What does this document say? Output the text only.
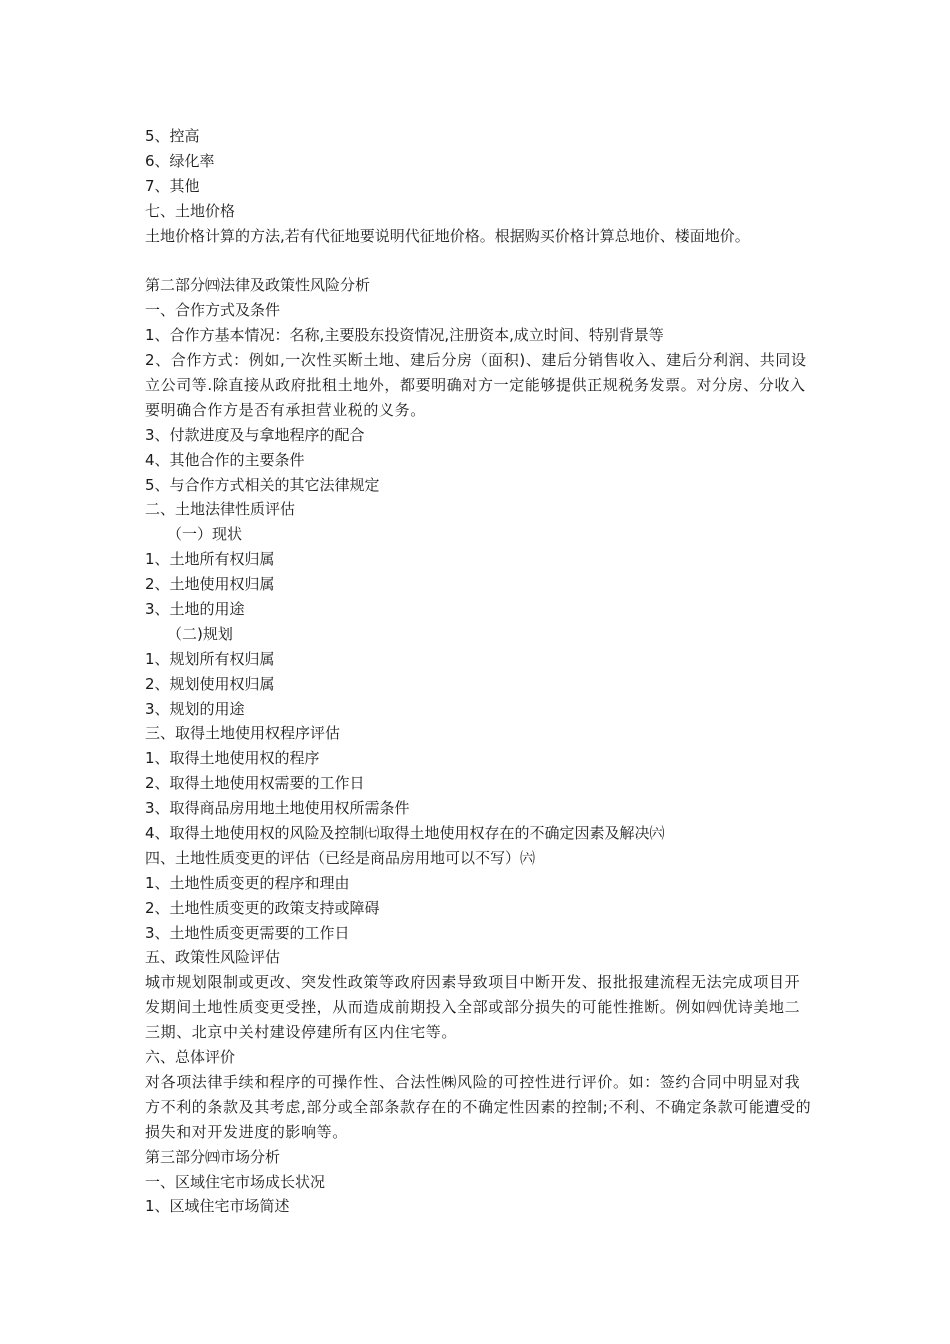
5、控高
6、绿化率
7、其他
七、土地价格
土地价格计算的方法,若有代征地要说明代征地价格。根据购买价格计算总地价、楼面地价。
第二部分㈣法律及政策性风险分析
一、合作方式及条件
1、合作方基本情况：名称,主要股东投资情况,注册资本,成立时间、特别背景等
2、合作方式：例如,一次性买断土地、建后分房（面积)、建后分销售收入、建后分利润、共同设立公司等.除直接从政府批租土地外，都要明确对方一定能够提供正规税务发票。对分房、分收入要明确合作方是否有承担营业税的义务。
3、付款进度及与拿地程序的配合
4、其他合作的主要条件
5、与合作方式相关的其它法律规定
二、土地法律性质评估
（一）现状
1、土地所有权归属
2、土地使用权归属
3、土地的用途
（二)规划
1、规划所有权归属
2、规划使用权归属
3、规划的用途
三、取得土地使用权程序评估
1、取得土地使用权的程序
2、取得土地使用权需要的工作日
3、取得商品房用地土地使用权所需条件
4、取得土地使用权的风险及控制㈦取得土地使用权存在的不确定因素及解决㈥
四、土地性质变更的评估（已经是商品房用地可以不写）㈥
1、土地性质变更的程序和理由
2、土地性质变更的政策支持或障碍
3、土地性质变更需要的工作日
五、政策性风险评估
城市规划限制或更改、突发性政策等政府因素导致项目中断开发、报批报建流程无法完成项目开发期间土地性质变更受挫，从而造成前期投入全部或部分损失的可能性推断。例如㈣优诗美地二三期、北京中关村建设停建所有区内住宅等。
六、总体评价
对各项法律手续和程序的可操作性、合法性㈱风险的可控性进行评价。如：签约合同中明显对我方不利的条款及其考虑,部分或全部条款存在的不确定性因素的控制;不利、不确定条款可能遭受的损失和对开发进度的影响等。
第三部分㈣市场分析
一、区域住宅市场成长状况
1、区域住宅市场简述
